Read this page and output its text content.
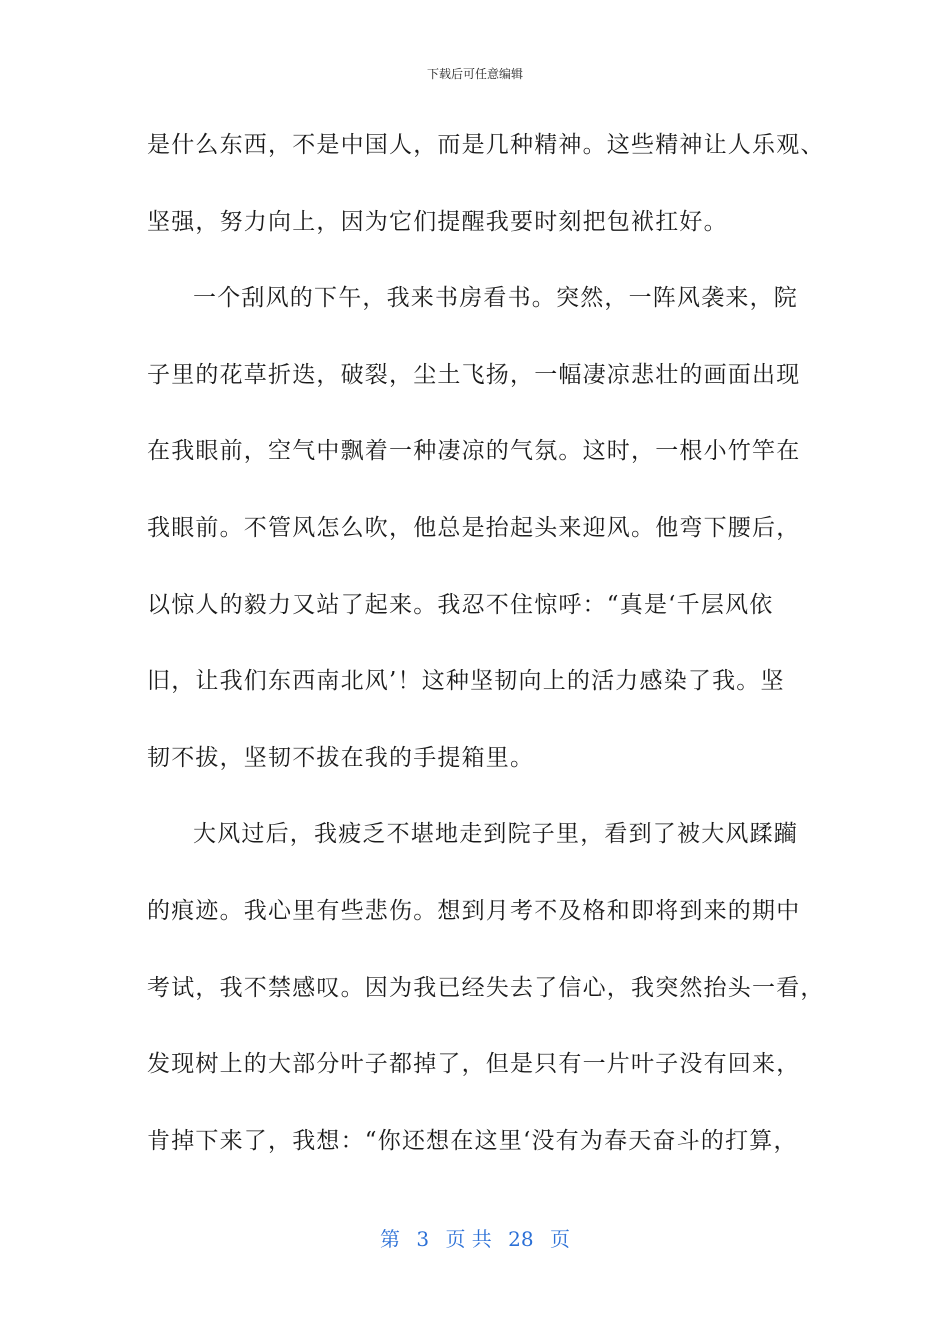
下载后可任意编辑
是什么东西，不是中国人，而是几种精神。这些精神让人乐观、
坚强，努力向上，因为它们提醒我要时刻把包袱扛好。
一个刮风的下午，我来书房看书。突然，一阵风袭来，院
子里的花草折迭，破裂，尘土飞扬，一幅凄凉悲壮的画面出现
在我眼前，空气中飘着一种凄凉的气氛。这时，一根小竹竿在
我眼前。不管风怎么吹，他总是抬起头来迎风。他弯下腰后，
以惊人的毅力又站了起来。我忍不住惊呼：“真是‘千层风依
旧，让我们东西南北风’！这种坚韧向上的活力感染了我。坚
韧不拔，坚韧不拔在我的手提箱里。
大风过后，我疲乏不堪地走到院子里，看到了被大风蹂躏
的痕迹。我心里有些悲伤。想到月考不及格和即将到来的期中
考试，我不禁感叹。因为我已经失去了信心，我突然抬头一看，
发现树上的大部分叶子都掉了，但是只有一片叶子没有回来，
肯掉下来了，我想：“你还想在这里‘没有为春天奋斗的打算，
第 3 页 共 28 页
